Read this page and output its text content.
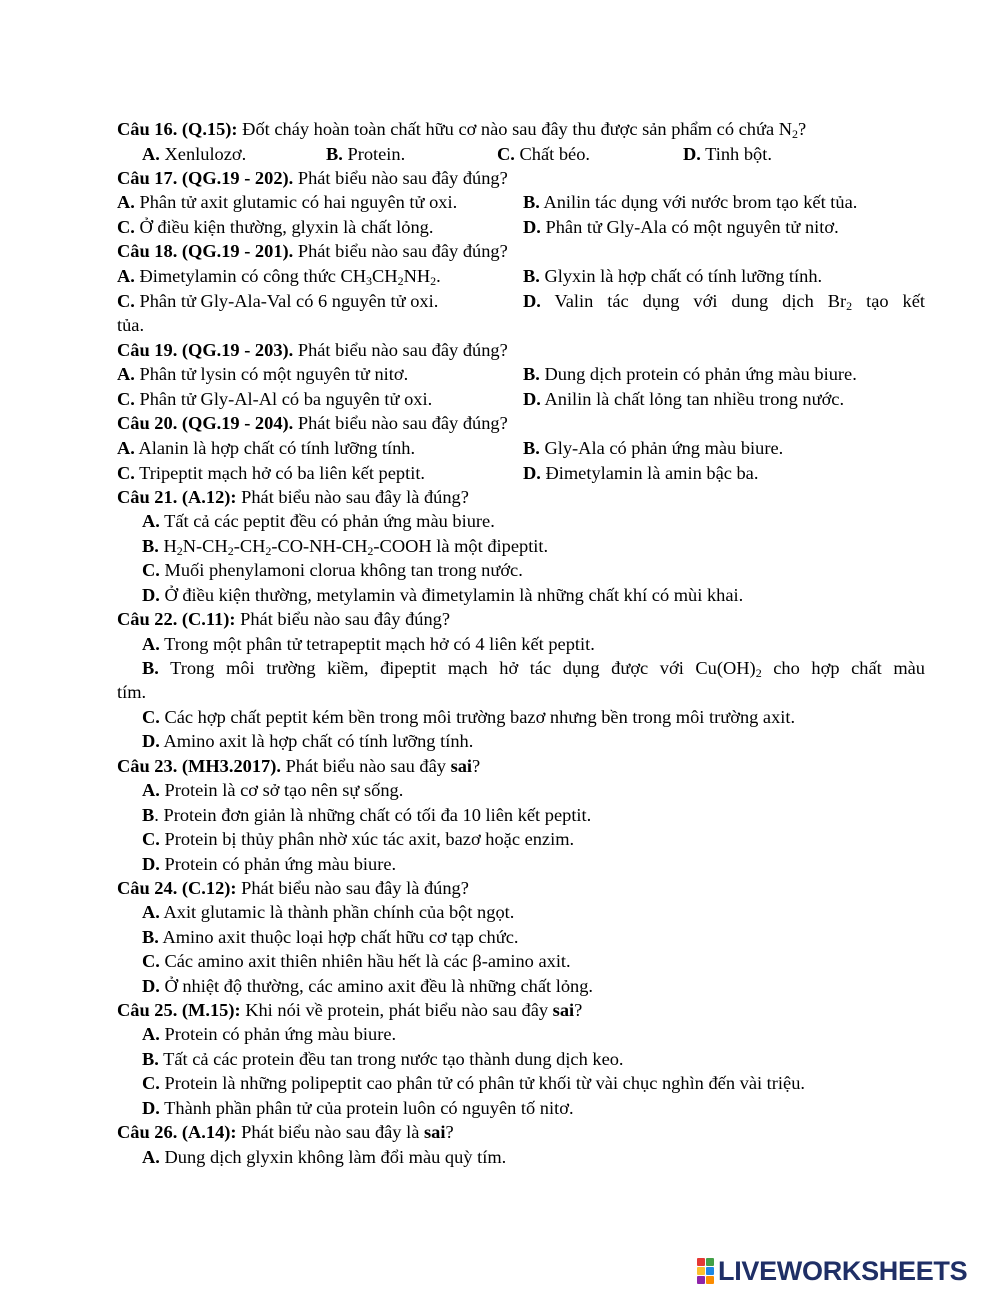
Câu 16. (Q.15): Đốt cháy hoàn toàn chất hữu cơ nào sau đây thu được sản phẩm có chứa $N_2$?
A. Xenlulozơ.	B. Protein.	C. Chất béo.	D. Tinh bột.
Câu 17. (QG.19 - 202). Phát biểu nào sau đây đúng?
A. Phân tử axit glutamic có hai nguyên tử oxi.	B. Anilin tác dụng với nước brom tạo kết tủa.
C. Ở điều kiện thường, glyxin là chất lỏng.	D. Phân tử Gly-Ala có một nguyên tử nitơ.
Câu 18. (QG.19 - 201). Phát biểu nào sau đây đúng?
A. Đimetylamin có công thức $CH_3CH_2NH_2$.	B. Glyxin là hợp chất có tính lưỡng tính.
C. Phân tử Gly-Ala-Val có 6 nguyên tử oxi.	D. Valin tác dụng với dung dịch $Br_2$ tạo kết
tủa.
Câu 19. (QG.19 - 203). Phát biểu nào sau đây đúng?
A. Phân tử lysin có một nguyên tử nitơ.	B. Dung dịch protein có phản ứng màu biure.
C. Phân tử Gly-Al-Al có ba nguyên tử oxi.	D. Anilin là chất lỏng tan nhiều trong nước.
Câu 20. (QG.19 - 204). Phát biểu nào sau đây đúng?
A. Alanin là hợp chất có tính lưỡng tính.	B. Gly-Ala có phản ứng màu biure.
C. Tripeptit mạch hở có ba liên kết peptit.	D. Đimetylamin là amin bậc ba.
Câu 21. (A.12): Phát biểu nào sau đây là đúng?
A. Tất cả các peptit đều có phản ứng màu biure.
B. $H_2N-CH_2-CH_2-CO-NH-CH_2$-COOH là một đipeptit.
C. Muối phenylamoni clorua không tan trong nước.
D. Ở điều kiện thường, metylamin và đimetylamin là những chất khí có mùi khai.
Câu 22. (C.11): Phát biểu nào sau đây đúng?
A. Trong một phân tử tetrapeptit mạch hở có 4 liên kết peptit.
B. Trong môi trường kiềm, đipeptit mạch hở tác dụng được với $Cu(OH)_2$ cho hợp chất màu
tím.
C. Các hợp chất peptit kém bền trong môi trường bazơ nhưng bền trong môi trường axit.
D. Amino axit là hợp chất có tính lưỡng tính.
Câu 23. (MH3.2017). Phát biểu nào sau đây sai?
A. Protein là cơ sở tạo nên sự sống.
B. Protein đơn giản là những chất có tối đa 10 liên kết peptit.
C. Protein bị thủy phân nhờ xúc tác axit, bazơ hoặc enzim.
D. Protein có phản ứng màu biure.
Câu 24. (C.12): Phát biểu nào sau đây là đúng?
A. Axit glutamic là thành phần chính của bột ngọt.
B. Amino axit thuộc loại hợp chất hữu cơ tạp chức.
C. Các amino axit thiên nhiên hầu hết là các β-amino axit.
D. Ở nhiệt độ thường, các amino axit đều là những chất lỏng.
Câu 25. (M.15): Khi nói về protein, phát biểu nào sau đây sai?
A. Protein có phản ứng màu biure.
B. Tất cả các protein đều tan trong nước tạo thành dung dịch keo.
C. Protein là những polipeptit cao phân tử có phân tử khối từ vài chục nghìn đến vài triệu.
D. Thành phần phân tử của protein luôn có nguyên tố nitơ.
Câu 26. (A.14): Phát biểu nào sau đây là sai?
A. Dung dịch glyxin không làm đổi màu quỳ tím.
LIVEWORKSHEETS
